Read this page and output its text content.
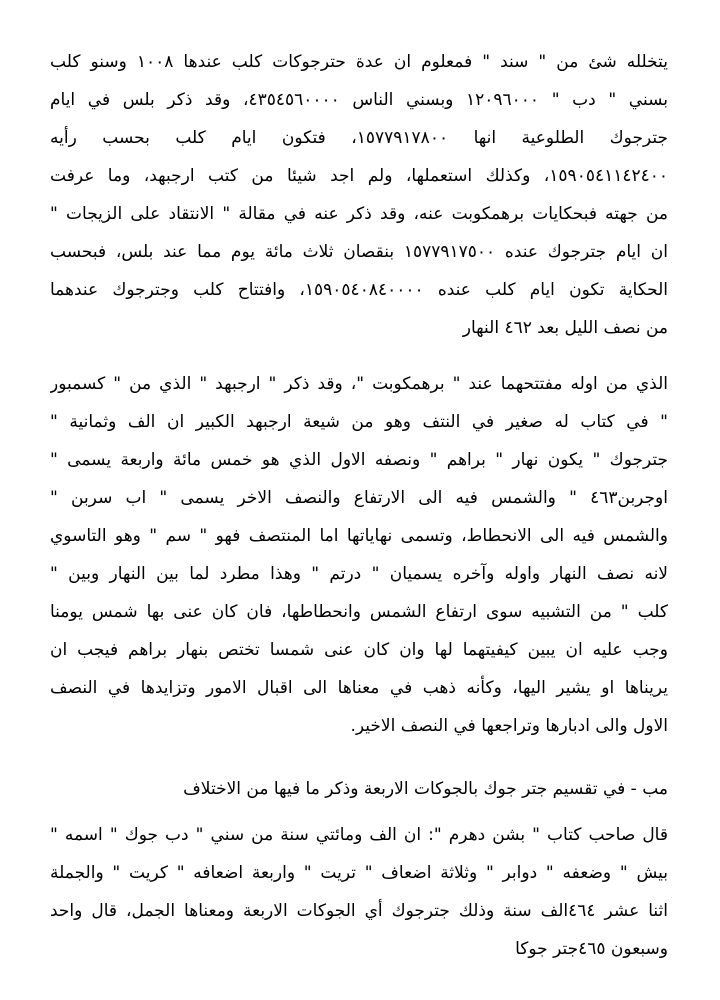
يتخلله شئ من " سند " فمعلوم ان عدة حترجوكات كلب عندها ١٠٠٨ وسنو كلب
بسني " دب " ١٢٠٩٦٠٠٠ وبسني الناس ٤٣٥٤٥٦٠٠٠٠، وقد ذكر بلس في ايام
جترجوك الطلوعية انها ١٥٧٧٩١٧٨٠٠، فتكون ايام كلب بحسب رأيه
١٥٩٠٥٤١١٤٢٤٠٠، وكذلك استعملها، ولم اجد شيئا من كتب ارجبهد، وما عرفت
من جهته فبحكايات برهمكوبت عنه، وقد ذكر عنه في مقالة " الانتقاد على الزيجات "
ان ايام جترجوك عنده ١٥٧٧٩١٧٥٠٠ بنقصان ثلاث مائة يوم مما عند بلس، فبحسب
الحكاية تكون ايام كلب عنده ١٥٩٠٥٤٠٨٤٠٠٠٠، وافتتاح كلب وجترجوك عندهما
من نصف الليل بعد ٤٦٢ النهار
الذي من اوله مفتتحهما عند " برهمكوبت "، وقد ذكر " ارجبهد " الذي من " كسمبور
" في كتاب له صغير في النتف وهو من شيعة ارجبهد الكبير ان الف وثمانية "
جترجوك " يكون نهار " براهم " ونصفه الاول الذي هو خمس مائة واربعة يسمى "
اوجربن٤٦٣ " والشمس فيه الى الارتفاع والنصف الاخر يسمى " اب سربن "
والشمس فيه الى الانحطاط، وتسمى نهاياتها اما المنتصف فهو " سم " وهو التاسوي
لانه نصف النهار واوله وآخره يسميان " درتم " وهذا مطرد لما بين النهار وبين "
كلب " من التشبيه سوى ارتفاع الشمس وانحطاطها، فان كان عنى بها شمس يومنا
وجب عليه ان يبين كيفيتهما لها وان كان عنى شمسا تختص بنهار براهم فيجب ان
يريناها او يشير اليها، وكأنه ذهب في معناها الى اقبال الامور وتزايدها في النصف
الاول والى ادبارها وتراجعها في النصف الاخير.
مب - في تقسيم جتر جوك بالجوكات الاربعة وذكر ما فيها من الاختلاف
قال صاحب كتاب " بشن دهرم ": ان الف ومائتي سنة من سني " دب جوك " اسمه "
بيش " وضعفه " دوابر " وثلاثة اضعاف " تريت " واربعة اضعافه " كريت " والجملة
اثنا عشر ٤٦٤الف سنة وذلك جترجوك أي الجوكات الاربعة ومعناها الجمل، قال واحد
وسبعون ٤٦٥جتر جوكا
